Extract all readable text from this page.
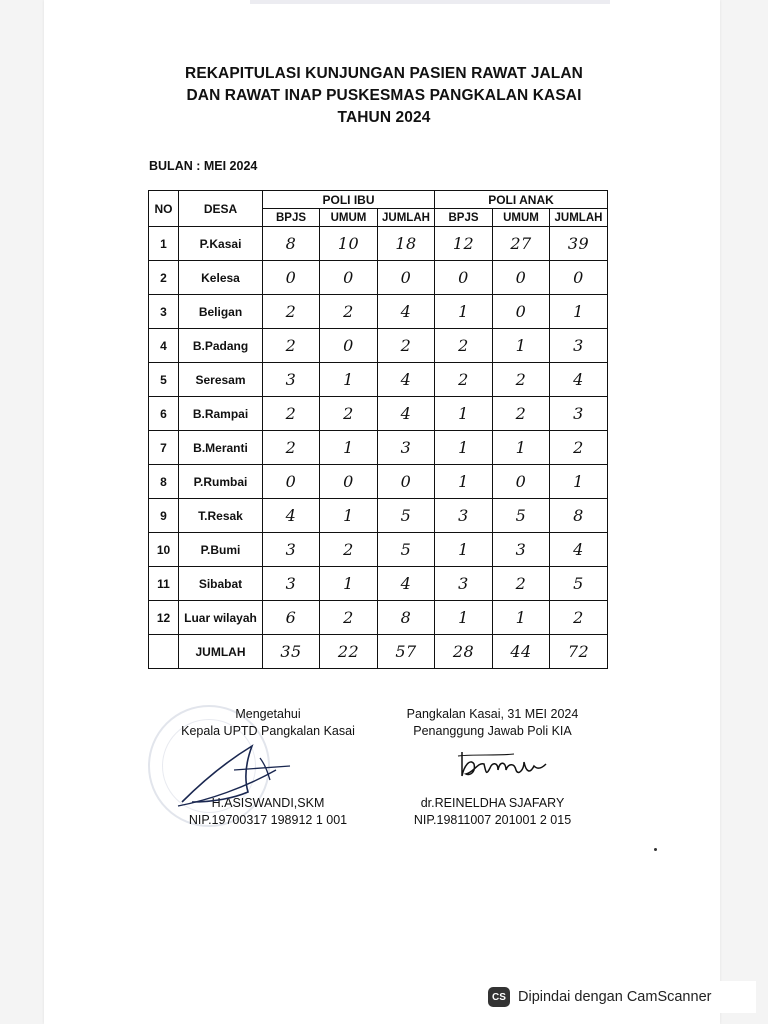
REKAPITULASI KUNJUNGAN PASIEN RAWAT JALAN
DAN RAWAT INAP PUSKESMAS PANGKALAN KASAI
TAHUN 2024
BULAN : MEI 2024
NO	DESA	POLI IBU			POLI ANAK		
		BPJS	UMUM	JUMLAH	BPJS	UMUM	JUMLAH
1	P.Kasai	8	10	18	12	27	39
2	Kelesa	0	0	0	0	0	0
3	Beligan	2	2	4	1	0	1
4	B.Padang	2	0	2	2	1	3
5	Seresam	3	1	4	2	2	4
6	B.Rampai	2	2	4	1	2	3
7	B.Meranti	2	1	3	1	1	2
8	P.Rumbai	0	0	0	1	0	1
9	T.Resak	4	1	5	3	5	8
10	P.Bumi	3	2	5	1	3	4
11	Sibabat	3	1	4	3	2	5
12	Luar wilayah	6	2	8	1	1	2
	JUMLAH	35	22	57	28	44	72
Mengetahui
Kepala UPTD Pangkalan Kasai
H.ASISWANDI,SKM
NIP.19700317 198912 1 001
Pangkalan Kasai, 31 MEI 2024
Penanggung Jawab Poli KIA
dr.REINELDHA SJAFARY
NIP.19811007 201001 2 015
CS Dipindai dengan CamScanner
